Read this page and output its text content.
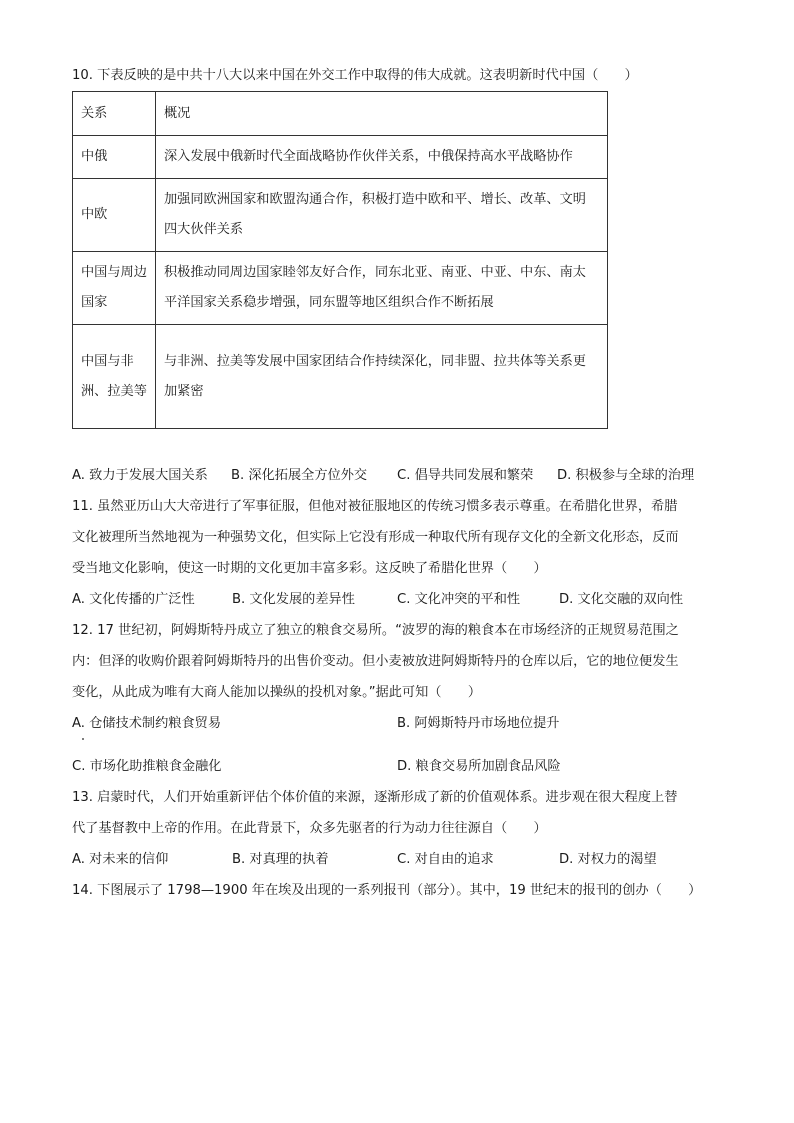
10. 下表反映的是中共十八大以来中国在外交工作中取得的伟大成就。这表明新时代中国（　　）
关系	概况
中俄	深入发展中俄新时代全面战略协作伙伴关系，中俄保持高水平战略协作
中欧	加强同欧洲国家和欧盟沟通合作，积极打造中欧和平、增长、改革、文明四大伙伴关系
中国与周边国家	积极推动同周边国家睦邻友好合作，同东北亚、南亚、中亚、中东、南太平洋国家关系稳步增强，同东盟等地区组织合作不断拓展
中国与非洲、拉美等	与非洲、拉美等发展中国家团结合作持续深化，同非盟、拉共体等关系更加紧密
A. 致力于发展大国关系 B. 深化拓展全方位外交 C. 倡导共同发展和繁荣 D. 积极参与全球的治理
11. 虽然亚历山大大帝进行了军事征服，但他对被征服地区的传统习惯多表示尊重。在希腊化世界，希腊
文化被理所当然地视为一种强势文化，但实际上它没有形成一种取代所有现存文化的全新文化形态，反而
受当地文化影响，使这一时期的文化更加丰富多彩。这反映了希腊化世界（　　）
A. 文化传播的广泛性	B. 文化发展的差异性	C. 文化冲突的平和性	D. 文化交融的双向性
12. 17 世纪初，阿姆斯特丹成立了独立的粮食交易所。“波罗的海的粮食本在市场经济的正规贸易范围之
内：但泽的收购价跟着阿姆斯特丹的出售价变动。但小麦被放进阿姆斯特丹的仓库以后，它的地位便发生
变化，从此成为唯有大商人能加以操纵的投机对象。”据此可知（　　）
A. 仓储技术制约粮食贸易	B. 阿姆斯特丹市场地位提升
C. 市场化助推粮食金融化	D. 粮食交易所加剧食品风险
13. 启蒙时代，人们开始重新评估个体价值的来源，逐渐形成了新的价值观体系。进步观在很大程度上替
代了基督教中上帝的作用。在此背景下，众多先驱者的行为动力往往源自（　　）
A. 对未来的信仰	B. 对真理的执着	C. 对自由的追求	D. 对权力的渴望
14. 下图展示了 1798—1900 年在埃及出现的一系列报刊（部分）。其中，19 世纪末的报刊的创办（　　）
